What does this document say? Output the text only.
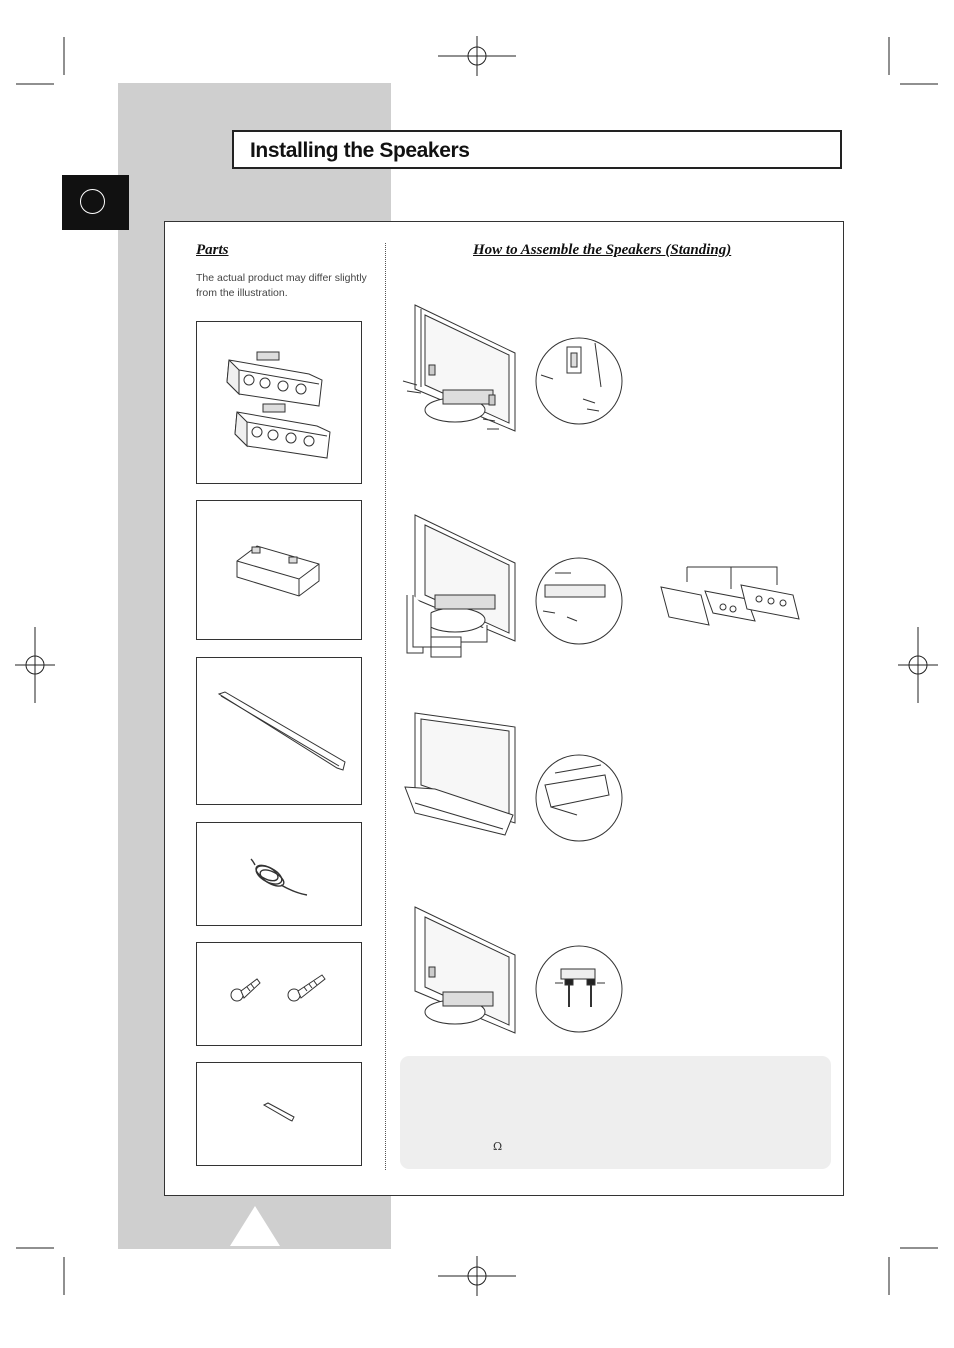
Installing the Speakers
Parts
The actual product may differ slightly from the illustration.
How to Assemble the Speakers (Standing)
Ω
